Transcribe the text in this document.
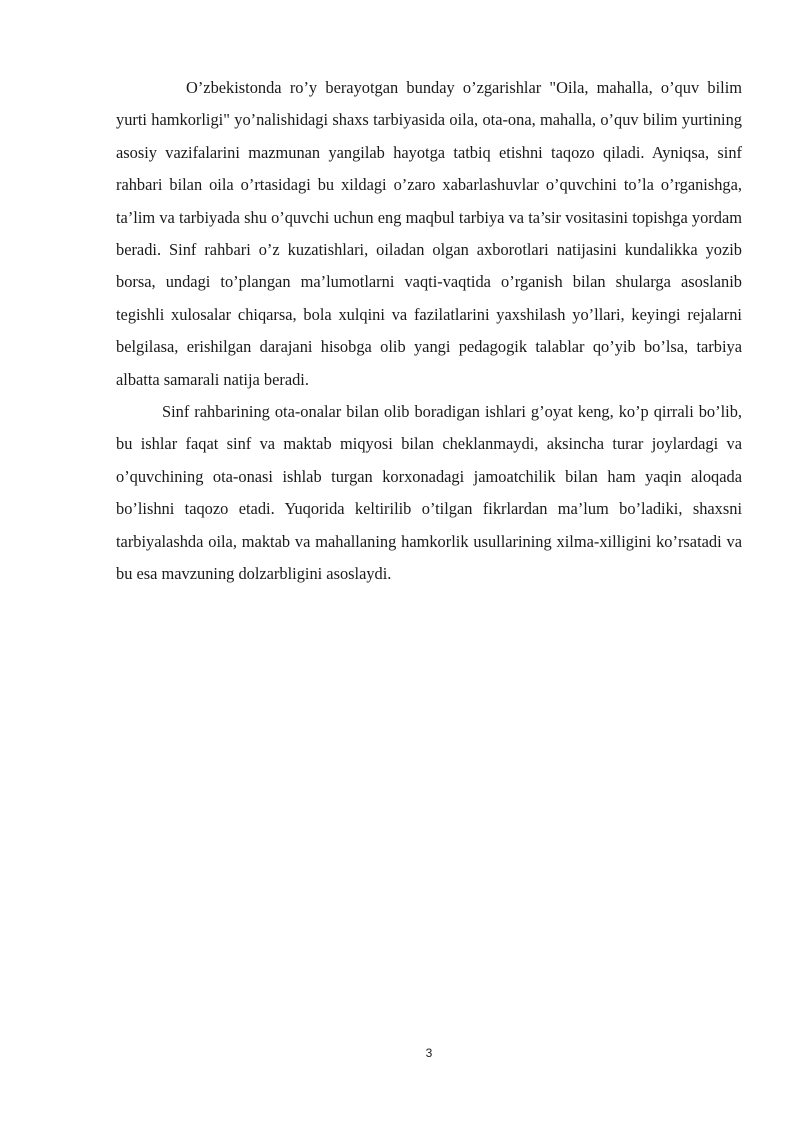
O’zbekistonda ro’y berayotgan bunday o’zgarishlar "Oila, mahalla, o’quv bilim yurti hamkorligi" yo’nalishidagi shaxs tarbiyasida oila, ota-ona, mahalla, o’quv bilim yurtining asosiy vazifalarini mazmunan yangilab hayotga tatbiq etishni taqozo qiladi. Ayniqsa, sinf rahbari bilan oila o’rtasidagi bu xildagi o’zaro xabarlashuvlar o’quvchini to’la o’rganishga, ta’lim va tarbiyada shu o’quvchi uchun eng maqbul tarbiya va ta’sir vositasini topishga yordam beradi. Sinf rahbari o’z kuzatishlari, oiladan olgan axborotlari natijasini kundalikka yozib borsa, undagi to’plangan ma’lumotlarni vaqti-vaqtida o’rganish bilan shularga asoslanib tegishli xulosalar chiqarsa, bola xulqini va fazilatlarini yaxshilash yo’llari, keyingi rejalarni belgilasa, erishilgan darajani hisobga olib yangi pedagogik talablar qo’yib bo’lsa, tarbiya albatta samarali natija beradi.

Sinf rahbarining ota-onalar bilan olib boradigan ishlari g’oyat keng, ko’p qirrali bo’lib, bu ishlar faqat sinf va maktab miqyosi bilan cheklanmaydi, aksincha turar joylardagi va o’quvchining ota-onasi ishlab turgan korxonadagi jamoatchilik bilan ham yaqin aloqada bo’lishni taqozo etadi. Yuqorida keltirilib o’tilgan fikrlardan ma’lum bo’ladiki, shaxsni tarbiyalashda oila, maktab va mahallaning hamkorlik usullarining xilma-xilligini ko’rsatadi va bu esa mavzuning dolzarbligini asoslaydi.

3
